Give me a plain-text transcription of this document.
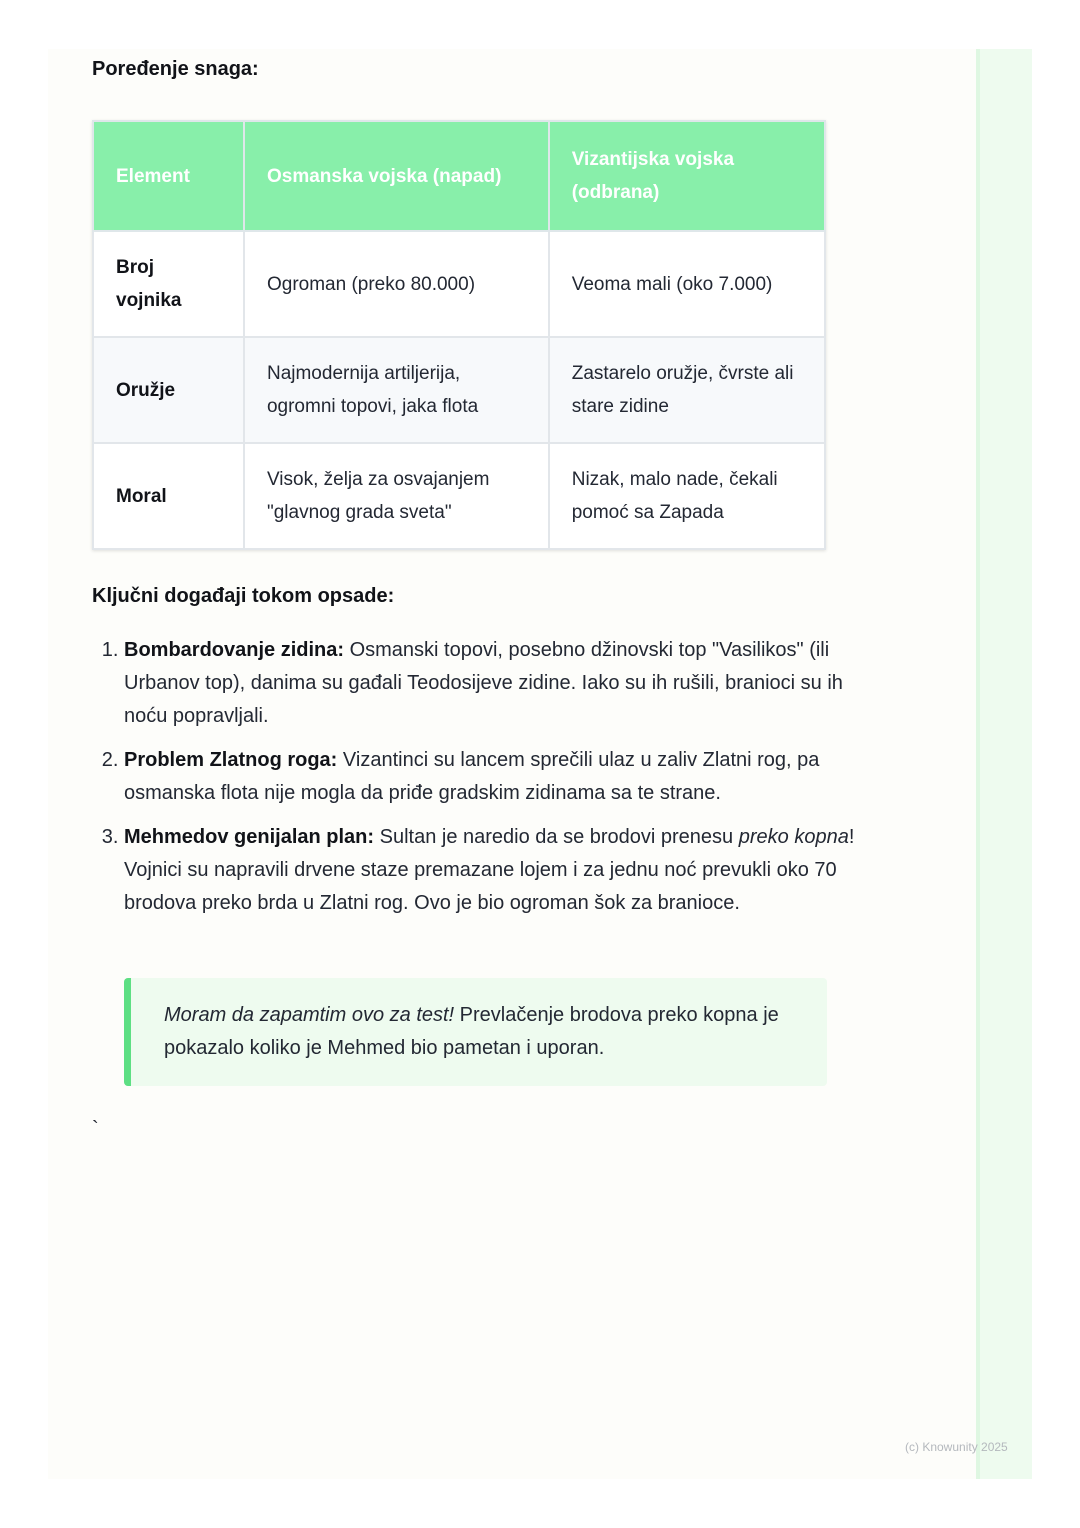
Poređenje snaga:
Element	Osmanska vojska (napad)	Vizantijska vojska (odbrana)
Broj vojnika	Ogroman (preko 80.000)	Veoma mali (oko 7.000)
Oružje	Najmodernija artiljerija, ogromni topovi, jaka flota	Zastarelo oružje, čvrste ali stare zidine
Moral	Visok, želja za osvajanjem "glavnog grada sveta"	Nizak, malo nade, čekali pomoć sa Zapada
Ključni događaji tokom opsade:
1. Bombardovanje zidina: Osmanski topovi, posebno džinovski top "Vasilikos" (ili Urbanov top), danima su gađali Teodosijeve zidine. Iako su ih rušili, branioci su ih noću popravljali.
2. Problem Zlatnog roga: Vizantinci su lancem sprečili ulaz u zaliv Zlatni rog, pa osmanska flota nije mogla da priđe gradskim zidinama sa te strane.
3. Mehmedov genijalan plan: Sultan je naredio da se brodovi prenesu preko kopna! Vojnici su napravili drvene staze premazane lojem i za jednu noć prevukli oko 70 brodova preko brda u Zlatni rog. Ovo je bio ogroman šok za branioce.
Moram da zapamtim ovo za test! Prevlačenje brodova preko kopna je pokazalo koliko je Mehmed bio pametan i uporan.
`
(c) Knowunity 2025
